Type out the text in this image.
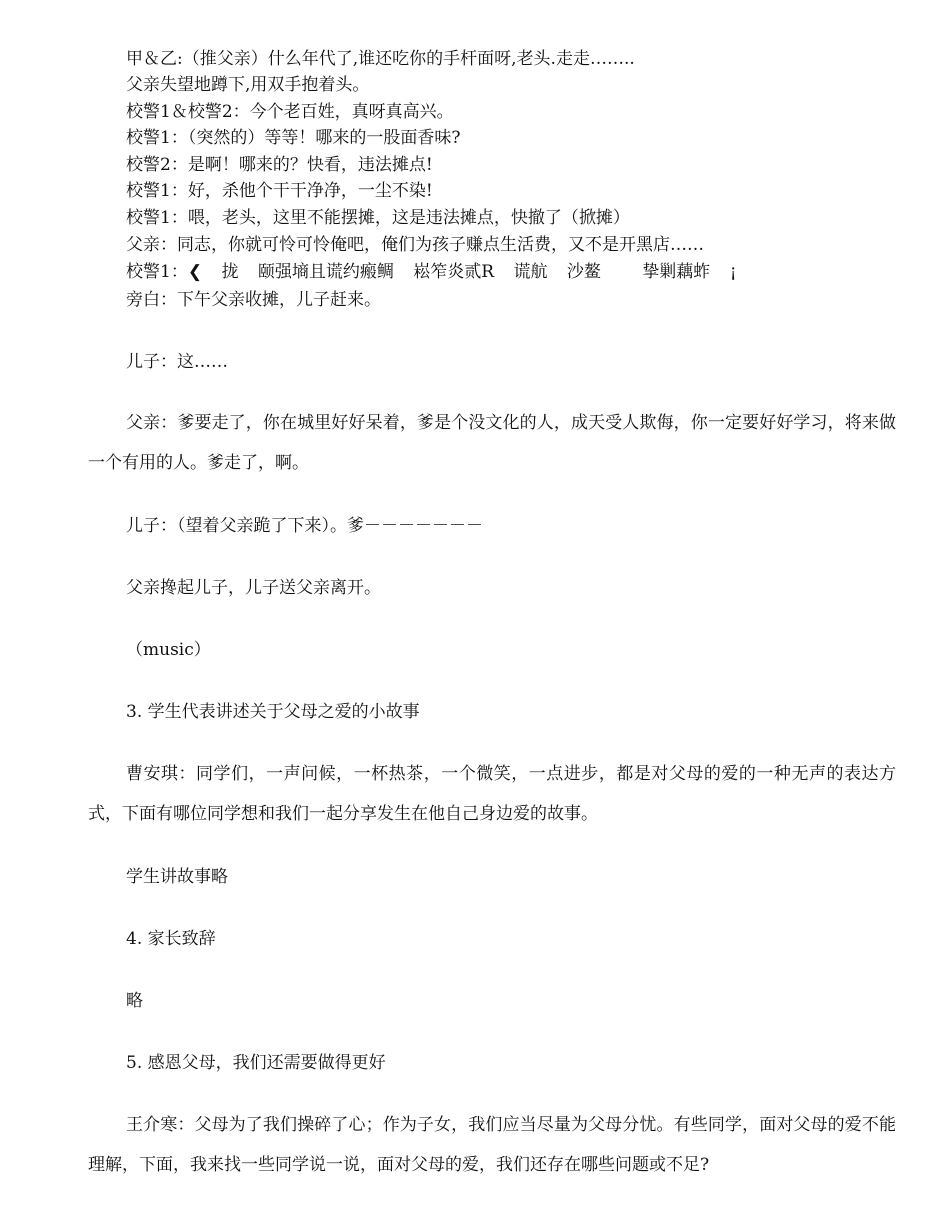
甲＆乙:（推父亲）什么年代了,谁还吃你的手杆面呀,老头.走走……..
父亲失望地蹲下,用双手抱着头。
校警1＆校警2：今个老百姓，真呀真高兴。
校警1：（突然的）等等！哪来的一股面香味?
校警2：是啊！哪来的？快看，违法摊点!
校警1：好，杀他个干干净净，一尘不染!
校警1：喂，老头，这里不能摆摊，这是违法摊点，快撤了（掀摊）
父亲：同志，你就可怜可怜俺吧，俺们为孩子赚点生活费，又不是开黑店……
校警1：❮ 拢 颐强墒且谎约瘢鲷 崧笮炎贰R 谎航 沙鳌 挚剿藕蚱 ¡
旁白：下午父亲收摊，儿子赶来。
儿子：这……
父亲：爹要走了，你在城里好好呆着，爹是个没文化的人，成天受人欺侮，你一定要好好学习，将来做一个有用的人。爹走了，啊。
儿子：（望着父亲跪了下来）。爹－－－－－－－
父亲搀起儿子，儿子送父亲离开。
（music）
3. 学生代表讲述关于父母之爱的小故事
曹安琪：同学们，一声问候，一杯热茶，一个微笑，一点进步，都是对父母的爱的一种无声的表达方式，下面有哪位同学想和我们一起分享发生在他自己身边爱的故事。
学生讲故事略
4. 家长致辞
略
5. 感恩父母，我们还需要做得更好
王介寒：父母为了我们操碎了心；作为子女，我们应当尽量为父母分忧。有些同学，面对父母的爱不能理解，下面，我来找一些同学说一说，面对父母的爱，我们还存在哪些问题或不足?
